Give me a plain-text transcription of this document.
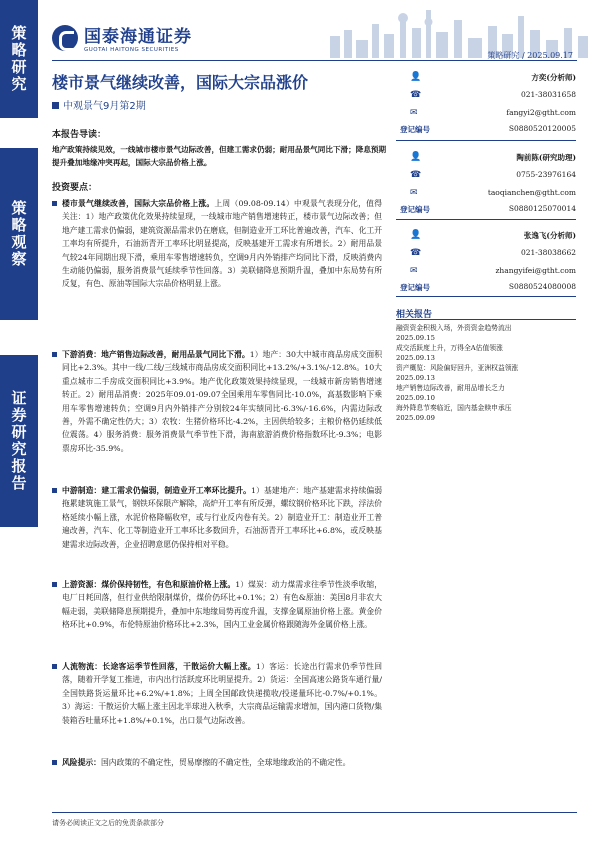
策略研究
策略观察
证券研究报告
国泰海通证券
GUOTAI HAITONG SECURITIES
策略研究 / 2025.09.17
楼市景气继续改善，国际大宗品涨价
中观景气9月第2期
本报告导读：
地产政策持续见效，一线城市楼市景气边际改善，但建工需求仍弱；耐用品景气同比下滑；降息预期提升叠加地缘冲突再起，国际大宗品价格上涨。
投资要点：
楼市景气继续改善，国际大宗品价格上涨。上周（09.08-09.14）中观景气表现分化，值得关注：1）地产政策优化效果持续显现，一线城市地产销售增速转正，楼市景气边际改善；但地产建工需求仍偏弱，建筑资源品需求仍在磨底，但制造业开工环比普遍改善，汽车、化工开工率均有所提升，石油沥青开工率环比明显提高，反映基建开工需求有所增长。2）耐用品景气较24年同期出现下滑，乘用车零售增速转负，空调9月内外销排产均同比下滑，反映消费内生动能仍偏弱，服务消费景气延续季节性回落。3）美联储降息预期升温，叠加中东局势有所反复，有色、原油等国际大宗品价格明显上涨。
下游消费：地产销售边际改善，耐用品景气同比下滑。1）地产：30大中城市商品房成交面积同比+2.3%。其中一线/二线/三线城市商品房成交面积同比+13.2%/+3.1%/-12.8%。10大重点城市二手房成交面积同比+3.9%。地产优化政策效果持续显现，一线城市新房销售增速转正。2）耐用品消费：2025年09.01-09.07全国乘用车零售同比-10.0%，高基数影响下乘用车零售增速转负；空调9月内外销排产分别较24年实绩同比-6.3%/-16.6%，内需边际改善，外需不确定性仍大；3）农牧：生猪价格环比-4.2%，主因供给较多；主粮价格仍延续低位震荡。4）服务消费：服务消费景气季节性下滑，海南旅游消费价格指数环比-9.3%；电影票房环比-35.9%。
中游制造：建工需求仍偏弱，制造业开工率环比提升。1）基建地产：地产基建需求持续偏弱拖累建筑施工景气，钢铁环保限产解除，高炉开工率有所反弹，螺纹钢价格环比下跌，浮法价格延续小幅上涨，水泥价格降幅收窄，或与行业反内卷有关。2）制造业开工：制造业开工普遍改善，汽车、化工等制造业开工率环比多数回升，石油沥青开工率环比+6.8%，或反映基建需求边际改善，企业招聘意愿仍保持相对平稳。
上游资源：煤价保持韧性，有色和原油价格上涨。1）煤炭：动力煤需求往季节性淡季收缩，电厂日耗回落，但行业供给限制煤价，煤价仍环比+0.1%；2）有色&原油：美国8月非农大幅走弱，美联储降息预期提升，叠加中东地缘局势再度升温，支撑金属原油价格上涨。黄金价格环比+0.9%，布伦特原油价格环比+2.3%，国内工业金属价格跟随海外金属价格上涨。
人流物流：长途客运季节性回落，干散运价大幅上涨。1）客运：长途出行需求仍季节性回落，随着开学复工推进，市内出行活跃度环比明显提升。2）货运：全国高速公路货车通行量/全国铁路货运量环比+6.2%/+1.8%；上周全国邮政快递揽收/投递量环比-0.7%/+0.1%。3）海运：干散运价大幅上涨主因北半球进入秋季，大宗商品运输需求增加，国内港口货物/集装箱吞吐量环比+1.8%/+0.1%，出口景气边际改善。
风险提示：国内政策的不确定性，贸易摩擦的不确定性，全球地缘政治的不确定性。
👤	方奕(分析师)
☎	021-38031658
✉	fangyi2@gtht.com
登记编号	S0880520120005
👤	陶前陈(研究助理)
☎	0755-23976164
✉	taoqianchen@gtht.com
登记编号	S0880125070014
👤	张逸飞(分析师)
☎	021-38038662
✉	zhangyifei@gtht.com
登记编号	S0880524080008
相关报告
融资资金积极入场，外资资金趋势流出
2025.09.15
成交活跃度上升，万得全A估值领涨
2025.09.13
资产概览：风险偏好回升，亚洲权益领涨
2025.09.13
地产销售边际改善，耐用品增长乏力
2025.09.10
海外降息节奏临近，国内基金赎申承压
2025.09.09
请务必阅读正文之后的免责条款部分
